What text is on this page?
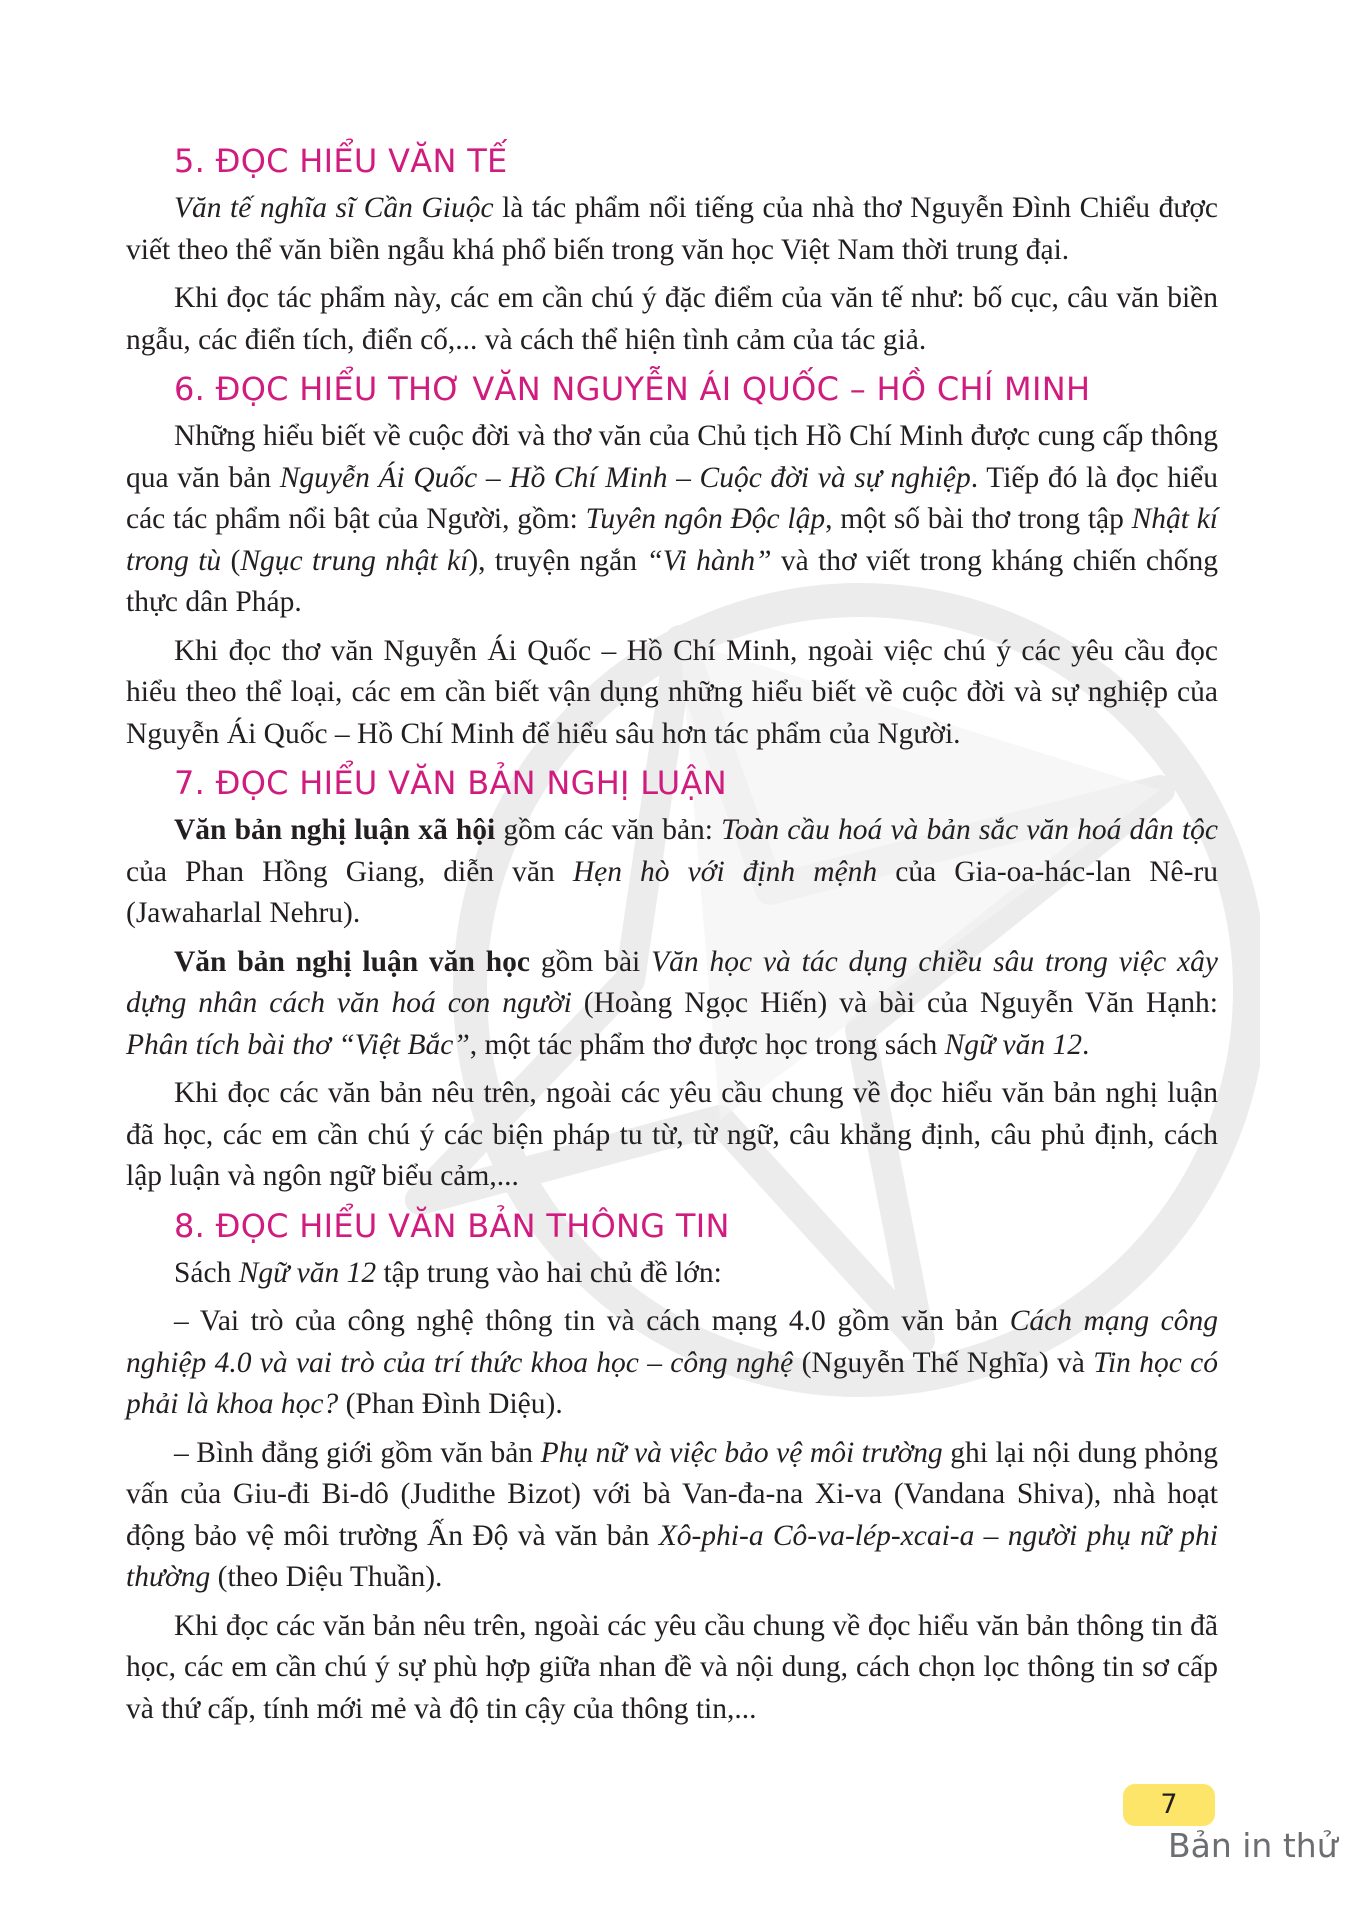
5. ĐỌC HIỂU VĂN TẾ

Văn tế nghĩa sĩ Cần Giuộc là tác phẩm nổi tiếng của nhà thơ Nguyễn Đình Chiểu được viết theo thể văn biền ngẫu khá phổ biến trong văn học Việt Nam thời trung đại.

Khi đọc tác phẩm này, các em cần chú ý đặc điểm của văn tế như: bố cục, câu văn biền ngẫu, các điển tích, điển cố,... và cách thể hiện tình cảm của tác giả.

6. ĐỌC HIỂU THƠ VĂN NGUYỄN ÁI QUỐC – HỒ CHÍ MINH

Những hiểu biết về cuộc đời và thơ văn của Chủ tịch Hồ Chí Minh được cung cấp thông qua văn bản Nguyễn Ái Quốc – Hồ Chí Minh – Cuộc đời và sự nghiệp. Tiếp đó là đọc hiểu các tác phẩm nổi bật của Người, gồm: Tuyên ngôn Độc lập, một số bài thơ trong tập Nhật kí trong tù (Ngục trung nhật kí), truyện ngắn “Vi hành” và thơ viết trong kháng chiến chống thực dân Pháp.

Khi đọc thơ văn Nguyễn Ái Quốc – Hồ Chí Minh, ngoài việc chú ý các yêu cầu đọc hiểu theo thể loại, các em cần biết vận dụng những hiểu biết về cuộc đời và sự nghiệp của Nguyễn Ái Quốc – Hồ Chí Minh để hiểu sâu hơn tác phẩm của Người.

7. ĐỌC HIỂU VĂN BẢN NGHỊ LUẬN

Văn bản nghị luận xã hội gồm các văn bản: Toàn cầu hoá và bản sắc văn hoá dân tộc của Phan Hồng Giang, diễn văn Hẹn hò với định mệnh của Gia-oa-hác-lan Nê-ru (Jawaharlal Nehru).

Văn bản nghị luận văn học gồm bài Văn học và tác dụng chiều sâu trong việc xây dựng nhân cách văn hoá con người (Hoàng Ngọc Hiến) và bài của Nguyễn Văn Hạnh: Phân tích bài thơ “Việt Bắc”, một tác phẩm thơ được học trong sách Ngữ văn 12.

Khi đọc các văn bản nêu trên, ngoài các yêu cầu chung về đọc hiểu văn bản nghị luận đã học, các em cần chú ý các biện pháp tu từ, từ ngữ, câu khẳng định, câu phủ định, cách lập luận và ngôn ngữ biểu cảm,...

8. ĐỌC HIỂU VĂN BẢN THÔNG TIN

Sách Ngữ văn 12 tập trung vào hai chủ đề lớn:

– Vai trò của công nghệ thông tin và cách mạng 4.0 gồm văn bản Cách mạng công nghiệp 4.0 và vai trò của trí thức khoa học – công nghệ (Nguyễn Thế Nghĩa) và Tin học có phải là khoa học? (Phan Đình Diệu).

– Bình đẳng giới gồm văn bản Phụ nữ và việc bảo vệ môi trường ghi lại nội dung phỏng vấn của Giu-đi Bi-dô (Judithe Bizot) với bà Van-đa-na Xi-va (Vandana Shiva), nhà hoạt động bảo vệ môi trường Ấn Độ và văn bản Xô-phi-a Cô-va-lép-xcai-a – người phụ nữ phi thường (theo Diệu Thuần).

Khi đọc các văn bản nêu trên, ngoài các yêu cầu chung về đọc hiểu văn bản thông tin đã học, các em cần chú ý sự phù hợp giữa nhan đề và nội dung, cách chọn lọc thông tin sơ cấp và thứ cấp, tính mới mẻ và độ tin cậy của thông tin,...

7
Bản in thử
